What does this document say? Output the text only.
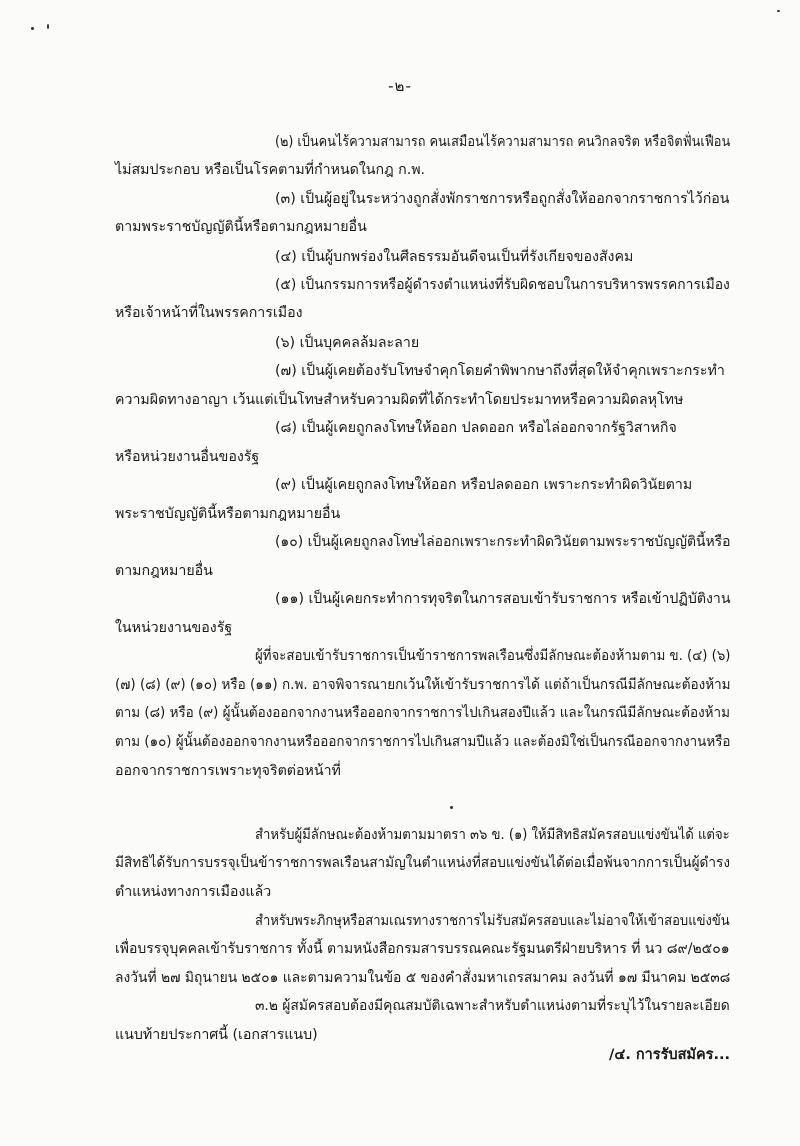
-๒-
(๒) เป็นคนไร้ความสามารถ คนเสมือนไร้ความสามารถ คนวิกลจริต หรือจิตฟั่นเฟือน
ไม่สมประกอบ หรือเป็นโรคตามที่กำหนดในกฎ ก.พ.
(๓) เป็นผู้อยู่ในระหว่างถูกสั่งพักราชการหรือถูกสั่งให้ออกจากราชการไว้ก่อน
ตามพระราชบัญญัตินี้หรือตามกฎหมายอื่น
(๔) เป็นผู้บกพร่องในศีลธรรมอันดีจนเป็นที่รังเกียจของสังคม
(๕) เป็นกรรมการหรือผู้ดำรงตำแหน่งที่รับผิดชอบในการบริหารพรรคการเมือง
หรือเจ้าหน้าที่ในพรรคการเมือง
(๖) เป็นบุคคลล้มละลาย
(๗) เป็นผู้เคยต้องรับโทษจำคุกโดยคำพิพากษาถึงที่สุดให้จำคุกเพราะกระทำ
ความผิดทางอาญา เว้นแต่เป็นโทษสำหรับความผิดที่ได้กระทำโดยประมาทหรือความผิดลหุโทษ
(๘) เป็นผู้เคยถูกลงโทษให้ออก ปลดออก หรือไล่ออกจากรัฐวิสาหกิจ
หรือหน่วยงานอื่นของรัฐ
(๙) เป็นผู้เคยถูกลงโทษให้ออก หรือปลดออก เพราะกระทำผิดวินัยตาม
พระราชบัญญัตินี้หรือตามกฎหมายอื่น
(๑๐) เป็นผู้เคยถูกลงโทษไล่ออกเพราะกระทำผิดวินัยตามพระราชบัญญัตินี้หรือ
ตามกฎหมายอื่น
(๑๑) เป็นผู้เคยกระทำการทุจริตในการสอบเข้ารับราชการ หรือเข้าปฏิบัติงาน
ในหน่วยงานของรัฐ
ผู้ที่จะสอบเข้ารับราชการเป็นข้าราชการพลเรือนซึ่งมีลักษณะต้องห้ามตาม ข. (๔) (๖)
(๗) (๘) (๙) (๑๐) หรือ (๑๑) ก.พ. อาจพิจารณายกเว้นให้เข้ารับราชการได้ แต่ถ้าเป็นกรณีมีลักษณะต้องห้าม
ตาม (๘) หรือ (๙) ผู้นั้นต้องออกจากงานหรือออกจากราชการไปเกินสองปีแล้ว และในกรณีมีลักษณะต้องห้าม
ตาม (๑๐) ผู้นั้นต้องออกจากงานหรือออกจากราชการไปเกินสามปีแล้ว และต้องมิใช่เป็นกรณีออกจากงานหรือ
ออกจากราชการเพราะทุจริตต่อหน้าที่
สำหรับผู้มีลักษณะต้องห้ามตามมาตรา ๓๖ ข. (๑) ให้มีสิทธิสมัครสอบแข่งขันได้ แต่จะ
มีสิทธิได้รับการบรรจุเป็นข้าราชการพลเรือนสามัญในตำแหน่งที่สอบแข่งขันได้ต่อเมื่อพ้นจากการเป็นผู้ดำรง
ตำแหน่งทางการเมืองแล้ว
สำหรับพระภิกษุหรือสามเณรทางราชการไม่รับสมัครสอบและไม่อาจให้เข้าสอบแข่งขัน
เพื่อบรรจุบุคคลเข้ารับราชการ ทั้งนี้ ตามหนังสือกรมสารบรรณคณะรัฐมนตรีฝ่ายบริหาร ที่ นว ๘๙/๒๕๐๑
ลงวันที่ ๒๗ มิถุนายน ๒๕๐๑ และตามความในข้อ ๕ ของคำสั่งมหาเถรสมาคม ลงวันที่ ๑๗ มีนาคม ๒๕๓๘
๓.๒ ผู้สมัครสอบต้องมีคุณสมบัติเฉพาะสำหรับตำแหน่งตามที่ระบุไว้ในรายละเอียด
แนบท้ายประกาศนี้ (เอกสารแนบ)
/๔. การรับสมัคร...
